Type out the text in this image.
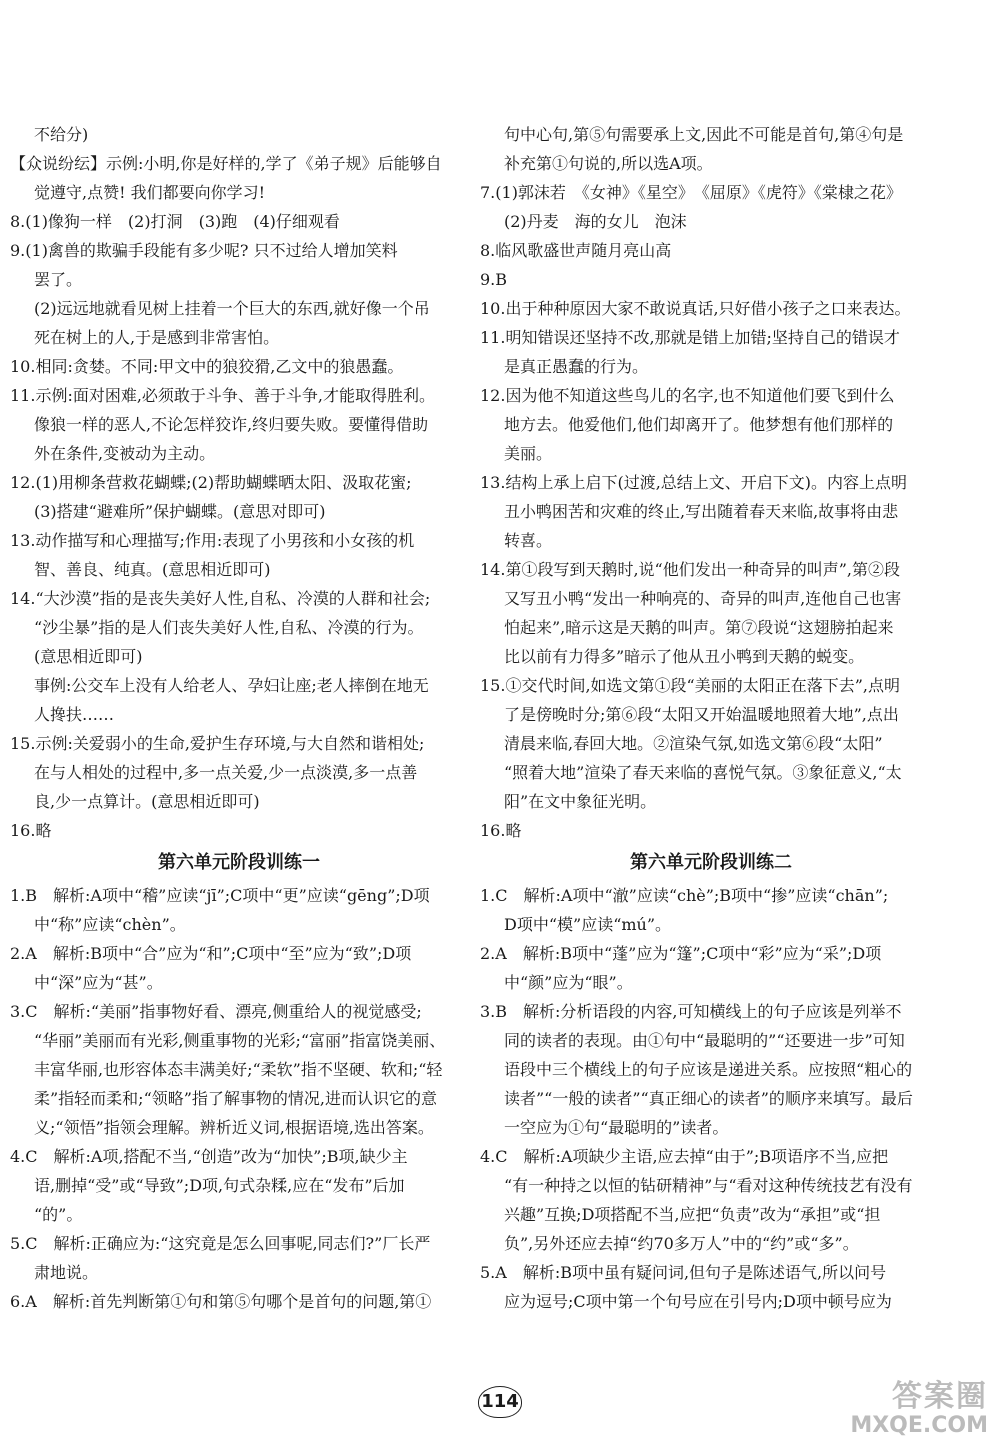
不给分)
【众说纷纭】示例:小明,你是好样的,学了《弟子规》后能够自
觉遵守,点赞! 我们都要向你学习!
8.(1)像狗一样　(2)打洞　(3)跑　(4)仔细观看
9.(1)禽兽的欺骗手段能有多少呢? 只不过给人增加笑料
罢了。
(2)远远地就看见树上挂着一个巨大的东西,就好像一个吊
死在树上的人,于是感到非常害怕。
10.相同:贪婪。不同:甲文中的狼狡猾,乙文中的狼愚蠢。
11.示例:面对困难,必须敢于斗争、善于斗争,才能取得胜利。
像狼一样的恶人,不论怎样狡诈,终归要失败。要懂得借助
外在条件,变被动为主动。
12.(1)用柳条营救花蝴蝶;(2)帮助蝴蝶晒太阳、汲取花蜜;
(3)搭建“避难所”保护蝴蝶。(意思对即可)
13.动作描写和心理描写;作用:表现了小男孩和小女孩的机
智、善良、纯真。(意思相近即可)
14.“大沙漠”指的是丧失美好人性,自私、冷漠的人群和社会;
“沙尘暴”指的是人们丧失美好人性,自私、冷漠的行为。
(意思相近即可)
事例:公交车上没有人给老人、孕妇让座;老人摔倒在地无
人搀扶……
15.示例:关爱弱小的生命,爱护生存环境,与大自然和谐相处;
在与人相处的过程中,多一点关爱,少一点淡漠,多一点善
良,少一点算计。(意思相近即可)
16.略
第六单元阶段训练一
1.B　解析:A项中“稽”应读“jī”;C项中“更”应读“gēng”;D项
中“称”应读“chèn”。
2.A　解析:B项中“合”应为“和”;C项中“至”应为“致”;D项
中“深”应为“甚”。
3.C　解析:“美丽”指事物好看、漂亮,侧重给人的视觉感受;
“华丽”美丽而有光彩,侧重事物的光彩;“富丽”指富饶美丽、
丰富华丽,也形容体态丰满美好;“柔软”指不坚硬、软和;“轻
柔”指轻而柔和;“领略”指了解事物的情况,进而认识它的意
义;“领悟”指领会理解。辨析近义词,根据语境,选出答案。
4.C　解析:A项,搭配不当,“创造”改为“加快”;B项,缺少主
语,删掉“受”或“导致”;D项,句式杂糅,应在“发布”后加
“的”。
5.C　解析:正确应为:“这究竟是怎么回事呢,同志们?”厂长严
肃地说。
6.A　解析:首先判断第①句和第⑤句哪个是首句的问题,第①
句中心句,第⑤句需要承上文,因此不可能是首句,第④句是
补充第①句说的,所以选A项。
7.(1)郭沫若　《女神》《星空》　《屈原》《虎符》《棠棣之花》
(2)丹麦　海的女儿　泡沫
8.临风歌盛世声随月亮山高
9.B
10.出于种种原因大家不敢说真话,只好借小孩子之口来表达。
11.明知错误还坚持不改,那就是错上加错;坚持自己的错误才
是真正愚蠢的行为。
12.因为他不知道这些鸟儿的名字,也不知道他们要飞到什么
地方去。他爱他们,他们却离开了。他梦想有他们那样的
美丽。
13.结构上承上启下(过渡,总结上文、开启下文)。内容上点明
丑小鸭困苦和灾难的终止,写出随着春天来临,故事将由悲
转喜。
14.第①段写到天鹅时,说“他们发出一种奇异的叫声”,第②段
又写丑小鸭“发出一种响亮的、奇异的叫声,连他自己也害
怕起来”,暗示这是天鹅的叫声。第⑦段说“这翅膀拍起来
比以前有力得多”暗示了他从丑小鸭到天鹅的蜕变。
15.①交代时间,如选文第①段“美丽的太阳正在落下去”,点明
了是傍晚时分;第⑥段“太阳又开始温暖地照着大地”,点出
清晨来临,春回大地。②渲染气氛,如选文第⑥段“太阳”
“照着大地”渲染了春天来临的喜悦气氛。③象征意义,“太
阳”在文中象征光明。
16.略
第六单元阶段训练二
1.C　解析:A项中“澈”应读“chè”;B项中“掺”应读“chān”;
D项中“模”应读“mú”。
2.A　解析:B项中“蓬”应为“篷”;C项中“彩”应为“采”;D项
中“颜”应为“眼”。
3.B　解析:分析语段的内容,可知横线上的句子应该是列举不
同的读者的表现。由①句中“最聪明的”“还要进一步”可知
语段中三个横线上的句子应该是递进关系。应按照“粗心的
读者”“一般的读者”“真正细心的读者”的顺序来填写。最后
一空应为①句“最聪明的”读者。
4.C　解析:A项缺少主语,应去掉“由于”;B项语序不当,应把
“有一种持之以恒的钻研精神”与“看对这种传统技艺有没有
兴趣”互换;D项搭配不当,应把“负责”改为“承担”或“担
负”,另外还应去掉“约70多万人”中的“约”或“多”。
5.A　解析:B项中虽有疑问词,但句子是陈述语气,所以问号
应为逗号;C项中第一个句号应在引号内;D项中顿号应为
114	答案圈
MXQE.COM
